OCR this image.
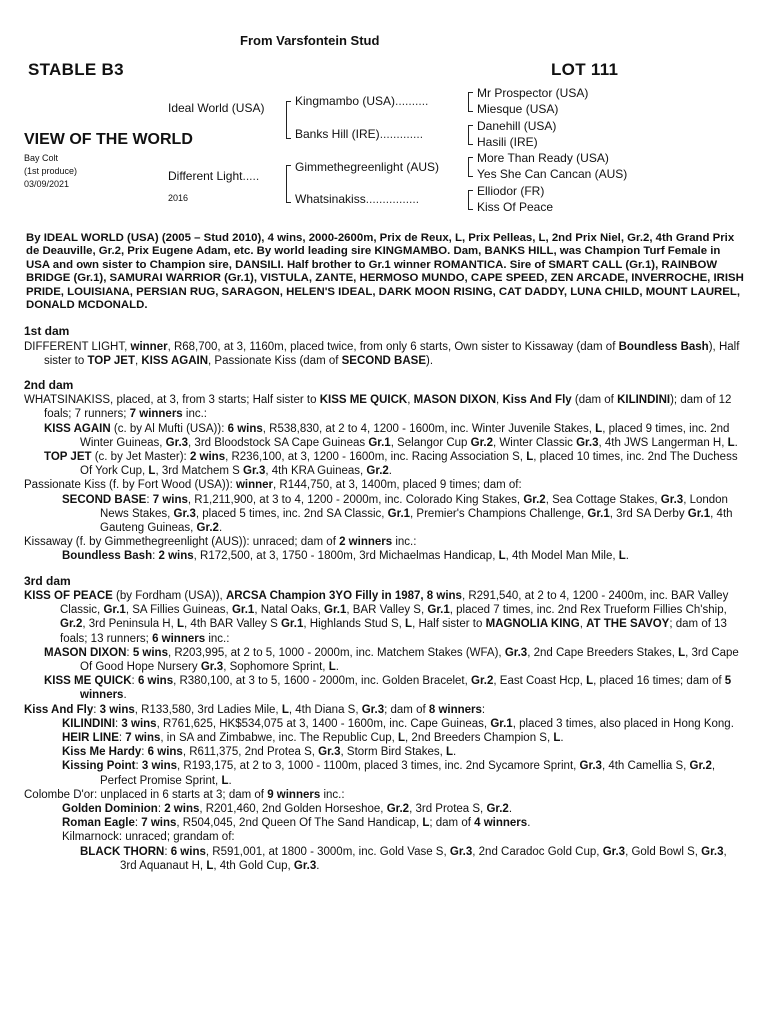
From Varsfontein Stud
STABLE B3	LOT 111
VIEW OF THE WORLD
Bay Colt
(1st produce)
03/09/2021
Ideal World (USA)
Different Light.....
2016
Kingmambo (USA)..........
Banks Hill (IRE).............
Gimmethegreenlight (AUS)
Whatsinakiss................
Mr Prospector (USA)
Miesque (USA)
Danehill (USA)
Hasili (IRE)
More Than Ready (USA)
Yes She Can Cancan (AUS)
Elliodor (FR)
Kiss Of Peace

By IDEAL WORLD (USA) (2005 – Stud 2010), 4 wins, 2000-2600m, Prix de Reux, L, Prix Pelleas, L, 2nd Prix Niel, Gr.2, 4th Grand Prix de Deauville, Gr.2, Prix Eugene Adam, etc. By world leading sire KINGMAMBO. Dam, BANKS HILL, was Champion Turf Female in USA and own sister to Champion sire, DANSILI. Half brother to Gr.1 winner ROMANTICA. Sire of SMART CALL (Gr.1), RAINBOW BRIDGE (Gr.1), SAMURAI WARRIOR (Gr.1), VISTULA, ZANTE, HERMOSO MUNDO, CAPE SPEED, ZEN ARCADE, INVERROCHE, IRISH PRIDE, LOUISIANA, PERSIAN RUG, SARAGON, HELEN'S IDEAL, DARK MOON RISING, CAT DADDY, LUNA CHILD, MOUNT LAUREL, DONALD MCDONALD.

1st dam

DIFFERENT LIGHT, winner, R68,700, at 3, 1160m, placed twice, from only 6 starts, Own sister to Kissaway (dam of Boundless Bash), Half sister to TOP JET, KISS AGAIN, Passionate Kiss (dam of SECOND BASE).

2nd dam

WHATSINAKISS, placed, at 3, from 3 starts; Half sister to KISS ME QUICK, MASON DIXON, Kiss And Fly (dam of KILINDINI); dam of 12 foals; 7 runners; 7 winners inc.:

KISS AGAIN (c. by Al Mufti (USA)): 6 wins, R538,830, at 2 to 4, 1200 - 1600m, inc. Winter Juvenile Stakes, L, placed 9 times, inc. 2nd Winter Guineas, Gr.3, 3rd Bloodstock SA Cape Guineas Gr.1, Selangor Cup Gr.2, Winter Classic Gr.3, 4th JWS Langerman H, L.

TOP JET (c. by Jet Master): 2 wins, R236,100, at 3, 1200 - 1600m, inc. Racing Association S, L, placed 10 times, inc. 2nd The Duchess Of York Cup, L, 3rd Matchem S Gr.3, 4th KRA Guineas, Gr.2.

Passionate Kiss (f. by Fort Wood (USA)): winner, R144,750, at 3, 1400m, placed 9 times; dam of:

SECOND BASE: 7 wins, R1,211,900, at 3 to 4, 1200 - 2000m, inc. Colorado King Stakes, Gr.2, Sea Cottage Stakes, Gr.3, London News Stakes, Gr.3, placed 5 times, inc. 2nd SA Classic, Gr.1, Premier's Champions Challenge, Gr.1, 3rd SA Derby Gr.1, 4th Gauteng Guineas, Gr.2.

Kissaway (f. by Gimmethegreenlight (AUS)): unraced; dam of 2 winners inc.:

Boundless Bash: 2 wins, R172,500, at 3, 1750 - 1800m, 3rd Michaelmas Handicap, L, 4th Model Man Mile, L.

3rd dam

KISS OF PEACE (by Fordham (USA)), ARCSA Champion 3YO Filly in 1987, 8 wins, R291,540, at 2 to 4, 1200 - 2400m, inc. BAR Valley Classic, Gr.1, SA Fillies Guineas, Gr.1, Natal Oaks, Gr.1, BAR Valley S, Gr.1, placed 7 times, inc. 2nd Rex Trueform Fillies Ch'ship, Gr.2, 3rd Peninsula H, L, 4th BAR Valley S Gr.1, Highlands Stud S, L, Half sister to MAGNOLIA KING, AT THE SAVOY; dam of 13 foals; 13 runners; 6 winners inc.:

MASON DIXON: 5 wins, R203,995, at 2 to 5, 1000 - 2000m, inc. Matchem Stakes (WFA), Gr.3, 2nd Cape Breeders Stakes, L, 3rd Cape Of Good Hope Nursery Gr.3, Sophomore Sprint, L.

KISS ME QUICK: 6 wins, R380,100, at 3 to 5, 1600 - 2000m, inc. Golden Bracelet, Gr.2, East Coast Hcp, L, placed 16 times; dam of 5 winners.

Kiss And Fly: 3 wins, R133,580, 3rd Ladies Mile, L, 4th Diana S, Gr.3; dam of 8 winners:

KILINDINI: 3 wins, R761,625, HK$534,075 at 3, 1400 - 1600m, inc. Cape Guineas, Gr.1, placed 3 times, also placed in Hong Kong.

HEIR LINE: 7 wins, in SA and Zimbabwe, inc. The Republic Cup, L, 2nd Breeders Champion S, L.

Kiss Me Hardy: 6 wins, R611,375, 2nd Protea S, Gr.3, Storm Bird Stakes, L.

Kissing Point: 3 wins, R193,175, at 2 to 3, 1000 - 1100m, placed 3 times, inc. 2nd Sycamore Sprint, Gr.3, 4th Camellia S, Gr.2, Perfect Promise Sprint, L.

Colombe D'or: unplaced in 6 starts at 3; dam of 9 winners inc.:

Golden Dominion: 2 wins, R201,460, 2nd Golden Horseshoe, Gr.2, 3rd Protea S, Gr.2.

Roman Eagle: 7 wins, R504,045, 2nd Queen Of The Sand Handicap, L; dam of 4 winners.

Kilmarnock: unraced; grandam of:

BLACK THORN: 6 wins, R591,001, at 1800 - 3000m, inc. Gold Vase S, Gr.3, 2nd Caradoc Gold Cup, Gr.3, Gold Bowl S, Gr.3, 3rd Aquanaut H, L, 4th Gold Cup, Gr.3.
